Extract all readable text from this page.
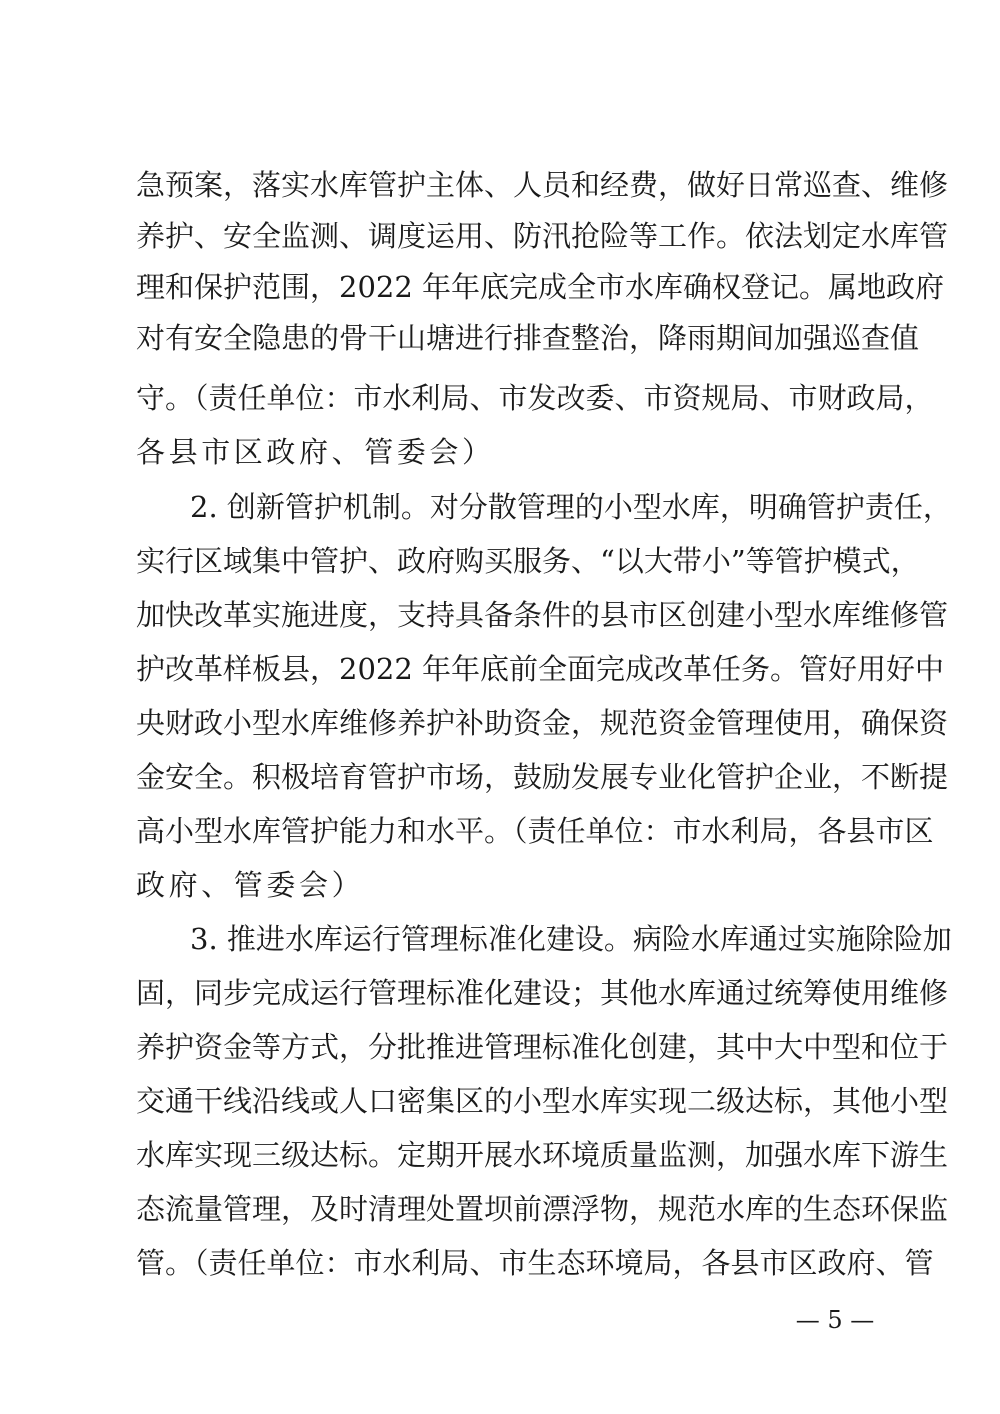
急预案，落实水库管护主体、人员和经费，做好日常巡查、维修
养护、安全监测、调度运用、防汛抢险等工作。依法划定水库管
理和保护范围，2022 年年底完成全市水库确权登记。属地政府
对有安全隐患的骨干山塘进行排查整治，降雨期间加强巡查值
守。（责任单位：市水利局、市发改委、市资规局、市财政局，
各县市区政府、管委会）
2. 创新管护机制。对分散管理的小型水库，明确管护责任，
实行区域集中管护、政府购买服务、“以大带小”等管护模式，
加快改革实施进度，支持具备条件的县市区创建小型水库维修管
护改革样板县，2022 年年底前全面完成改革任务。管好用好中
央财政小型水库维修养护补助资金，规范资金管理使用，确保资
金安全。积极培育管护市场，鼓励发展专业化管护企业，不断提
高小型水库管护能力和水平。（责任单位：市水利局，各县市区
政府、管委会）
3. 推进水库运行管理标准化建设。病险水库通过实施除险加
固，同步完成运行管理标准化建设；其他水库通过统筹使用维修
养护资金等方式，分批推进管理标准化创建，其中大中型和位于
交通干线沿线或人口密集区的小型水库实现二级达标，其他小型
水库实现三级达标。定期开展水环境质量监测，加强水库下游生
态流量管理，及时清理处置坝前漂浮物，规范水库的生态环保监
管。（责任单位：市水利局、市生态环境局，各县市区政府、管
— 5 —
